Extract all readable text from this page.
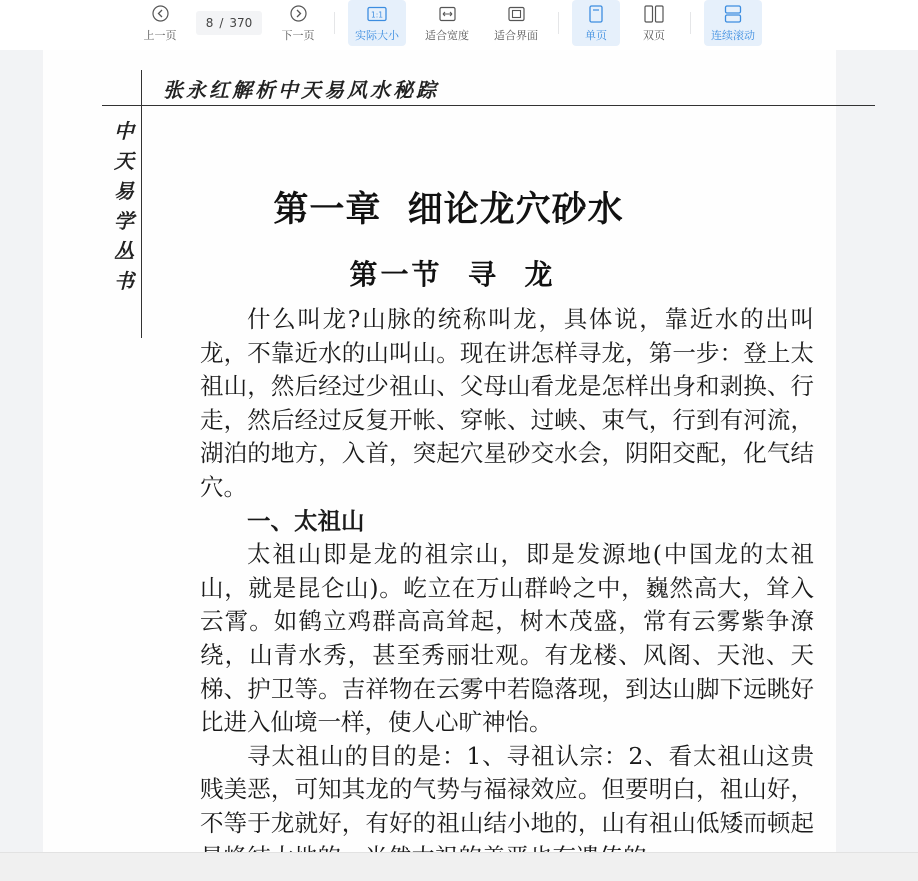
上一页
8 / 370
下一页
1:1
实际大小 适合宽度 适合界面	单页	双页	连续滚动
张永红解析中天易风水秘踪
中
天
易
学
丛
书
第一章  细论龙穴砂水
第一节  寻  龙

什么叫龙?山脉的统称叫龙，具体说，靠近水的出叫龙，不靠近水的山叫山。现在讲怎样寻龙，第一步：登上太祖山，然后经过少祖山、父母山看龙是怎样出身和剥换、行走，然后经过反复开帐、穿帐、过峡、束气，行到有河流，湖泊的地方，入首，突起穴星砂交水会，阴阳交配，化气结穴。

一、太祖山

太祖山即是龙的祖宗山，即是发源地(中国龙的太祖山，就是昆仑山)。屹立在万山群岭之中，巍然高大，耸入云霄。如鹤立鸡群高高耸起，树木茂盛，常有云雾紫争潦绕，山青水秀，甚至秀丽壮观。有龙楼、风阁、天池、天梯、护卫等。吉祥物在云雾中若隐落现，到达山脚下远眺好比进入仙境一样，使人心旷神怡。

寻太祖山的目的是：1、寻祖认宗：2、看太祖山这贵贱美恶，可知其龙的气势与福禄效应。但要明白，祖山好，不等于龙就好，有好的祖山结小地的，山有祖山低矮而顿起
